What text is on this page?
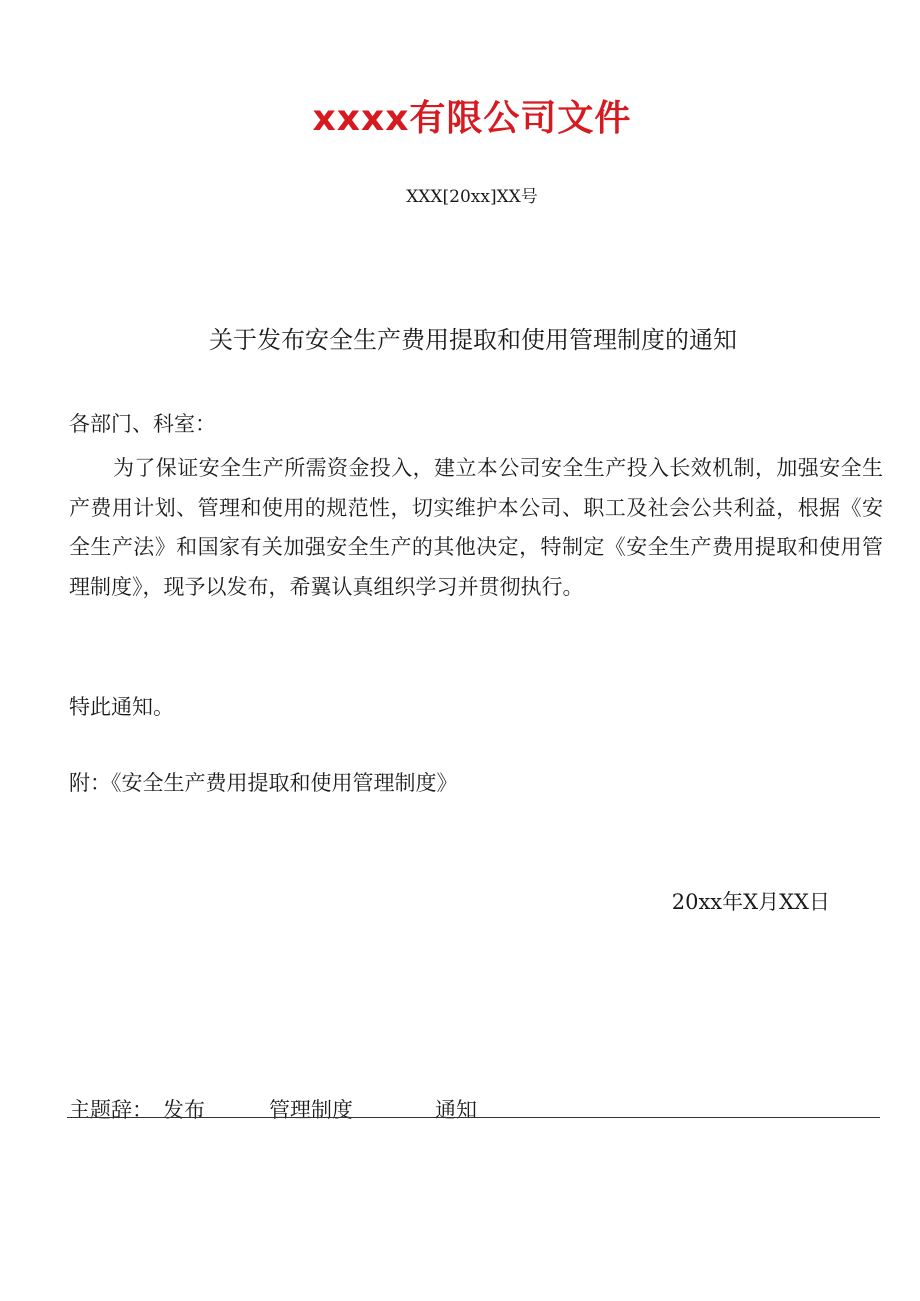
xxxx有限公司文件
XXX[20xx]XX号
关于发布安全生产费用提取和使用管理制度的通知
各部门、科室：

为了保证安全生产所需资金投入，建立本公司安全生产投入长效机制，加强安全生产费用计划、管理和使用的规范性，切实维护本公司、职工及社会公共利益，根据《安全生产法》和国家有关加强安全生产的其他决定，特制定《安全生产费用提取和使用管理制度》，现予以发布，希翼认真组织学习并贯彻执行。

特此通知。
附：《安全生产费用提取和使用管理制度》
20xx年X月XX日
主题辞： 发布	管理制度	通知
